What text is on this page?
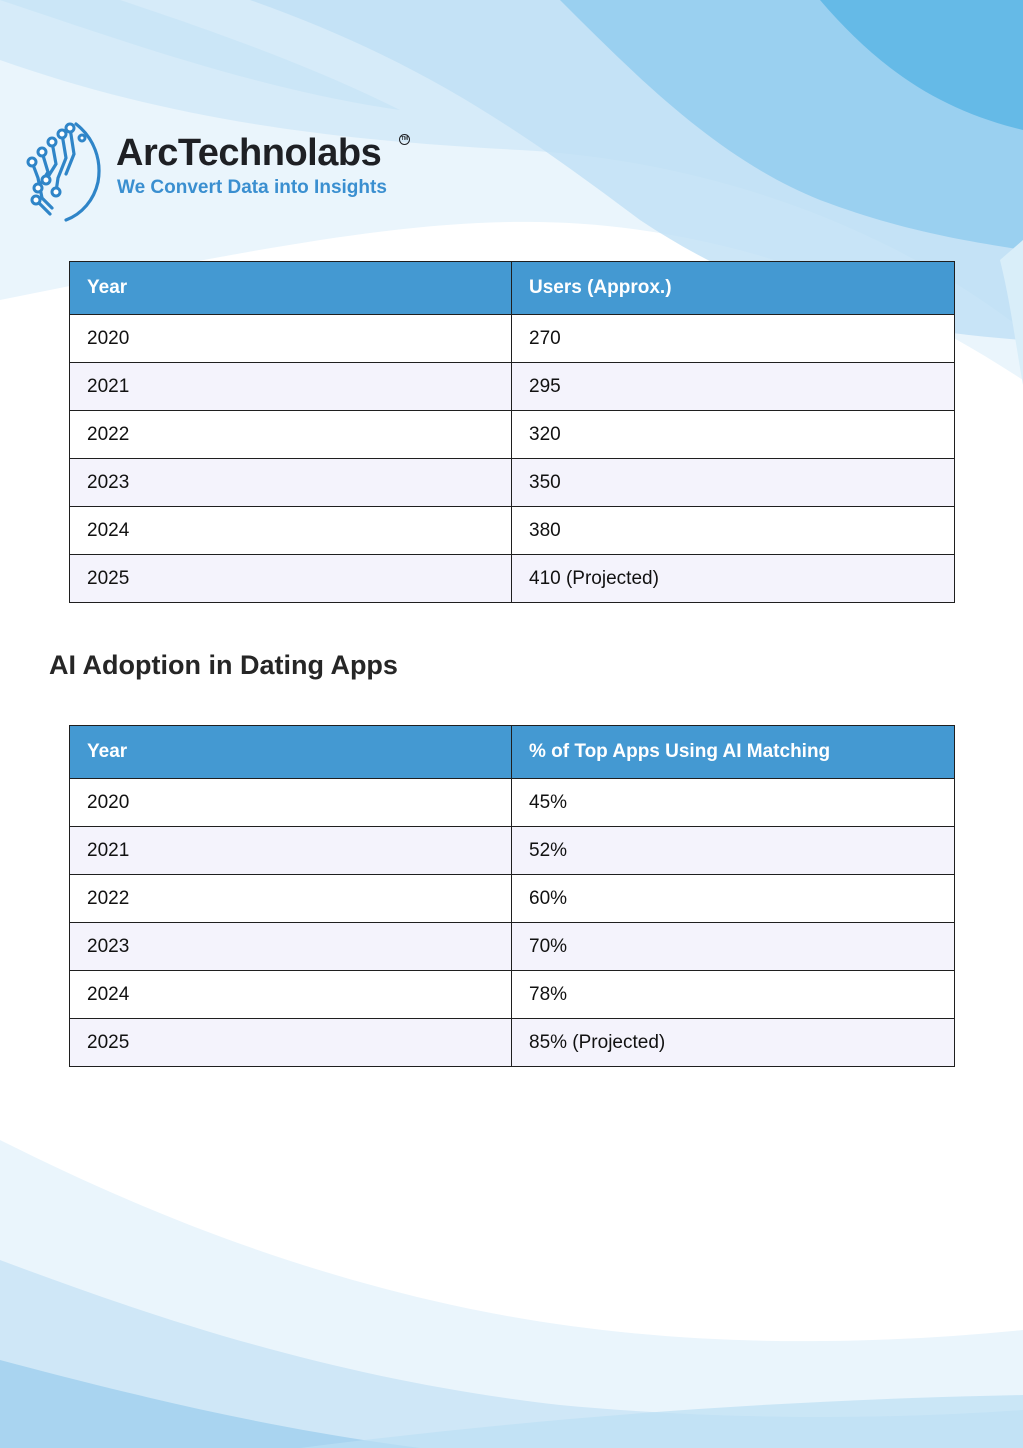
ArcTechnolabs	TM
We Convert Data into Insights
Year	Users (Approx.)
2020	270
2021	295
2022	320
2023	350
2024	380
2025	410 (Projected)
AI Adoption in Dating Apps
Year	% of Top Apps Using AI Matching
2020	45%
2021	52%
2022	60%
2023	70%
2024	78%
2025	85% (Projected)
